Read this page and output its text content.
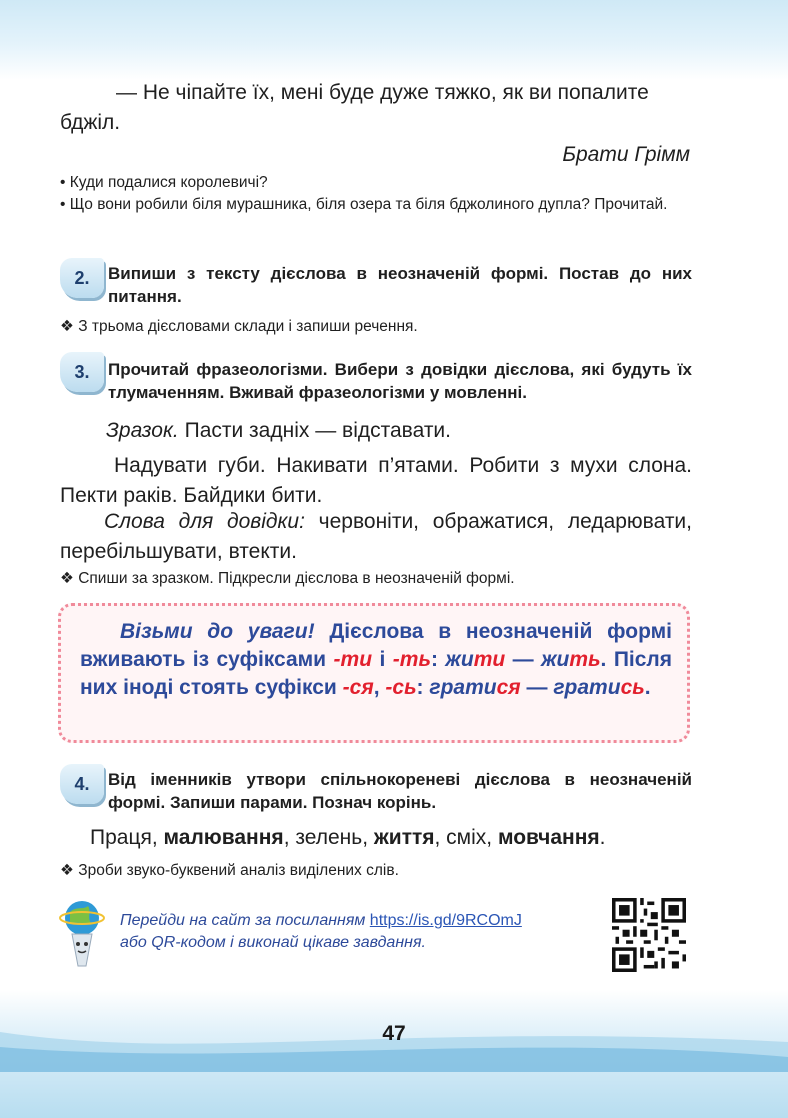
— Не чіпайте їх, мені буде дуже тяжко, як ви попалите
бджіл.
Брати Грімм
• Куди подалися королевичі?
• Що вони робили біля мурашника, біля озера та біля бджолиного дупла? Прочитай.
2.	Випиши з тексту дієслова в неозначеній формі. Постав до них питання.
❖ З трьома дієсловами склади і запиши речення.
3.	Прочитай фразеологізми. Вибери з довідки дієслова, які будуть їх тлумаченням. Вживай фразеологізми у мовленні.
Зразок. Пасти задніх — відставати.
Надувати губи. Накивати п’ятами. Робити з мухи слона. Пекти раків. Байдики бити.
Слова для довідки: червоніти, ображатися, ледарювати, перебільшувати, втекти.
❖ Спиши за зразком. Підкресли дієслова в неозначеній формі.
Візьми до уваги! Дієслова в неозначеній формі вживають із суфіксами -ти і -ть: жити — жить. Після них іноді стоять суфікси -ся, -сь: гратися — гратись.
4.	Від іменників утвори спільнокореневі дієслова в неозначеній формі. Запиши парами. Познач корінь.
Праця, малювання, зелень, життя, сміх, мовчання.
❖ Зроби звуко-буквений аналіз виділених слів.
Перейди на сайт за посиланням https://is.gd/9RCOmJ
або QR-кодом і виконай цікаве завдання.
47
